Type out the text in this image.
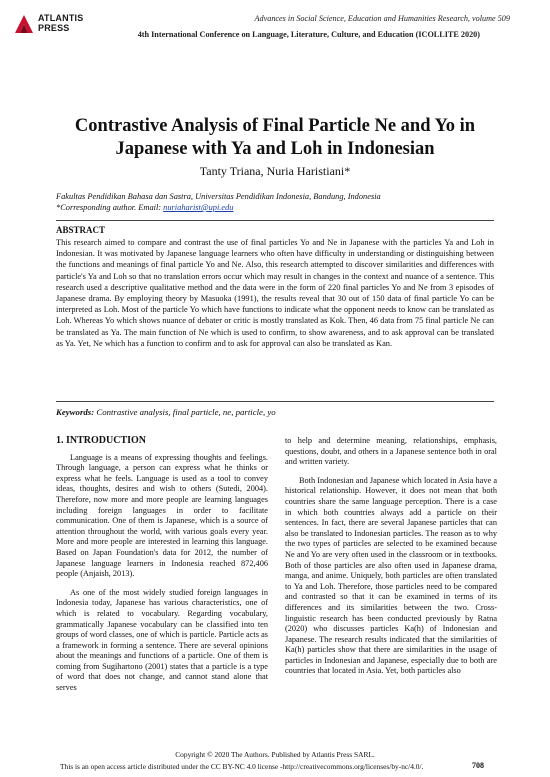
ATLANTIS
PRESS
Advances in Social Science, Education and Humanities Research, volume 509
4th International Conference on Language, Literature, Culture, and Education (ICOLLITE 2020)
Contrastive Analysis of Final Particle Ne and Yo in
Japanese with Ya and Loh in Indonesian
Tanty Triana, Nuria Haristiani*
Fakultas Pendidikan Bahasa dan Sastra, Universitas Pendidikan Indonesia, Bandung, Indonesia
*Corresponding author. Email: nuriaharist@upi.edu
ABSTRACT
This research aimed to compare and contrast the use of final particles Yo and Ne in Japanese with the particles Ya and Loh in Indonesian. It was motivated by Japanese language learners who often have difficulty in understanding or distinguishing between the functions and meanings of final particle Yo and Ne. Also, this research attempted to discover similarities and differences with particle's Ya and Loh so that no translation errors occur which may result in changes in the context and nuance of a sentence. This research used a descriptive qualitative method and the data were in the form of 220 final particles Yo and Ne from 3 episodes of Japanese drama. By employing theory by Masuoka (1991), the results reveal that 30 out of 150 data of final particle Yo can be interpreted as Loh. Most of the particle Yo which have functions to indicate what the opponent needs to know can be translated as Loh. Whereas Yo which shows nuance of debater or critic is mostly translated as Kok. Then, 46 data from 75 final particle Ne can be translated as Ya. The main function of Ne which is used to confirm, to show awareness, and to ask approval can be translated as Ya. Yet, Ne which has a function to confirm and to ask for approval can also be translated as Kan.
Keywords: Contrastive analysis, final particle, ne, particle, yo
1. INTRODUCTION

Language is a means of expressing thoughts and feelings. Through language, a person can express what he thinks or express what he feels. Language is used as a tool to convey ideas, thoughts, desires and wish to others (Sutedi, 2004). Therefore, now more and more people are learning languages including foreign languages in order to facilitate communication. One of them is Japanese, which is a source of attention throughout the world, with various goals every year. More and more people are interested in learning this language. Based on Japan Foundation's data for 2012, the number of Japanese language learners in Indonesia reached 872,406 people (Anjaish, 2013).

As one of the most widely studied foreign languages in Indonesia today, Japanese has various characteristics, one of which is related to vocabulary. Regarding vocabulary, grammatically Japanese vocabulary can be classified into ten groups of word classes, one of which is particle. Particle acts as a framework in forming a sentence. There are several opinions about the meanings and functions of a particle. One of them is coming from Sugihartono (2001) states that a particle is a type of word that does not change, and cannot stand alone that serves

to help and determine meaning, relationships, emphasis, questions, doubt, and others in a Japanese sentence both in oral and written variety.

Both Indonesian and Japanese which located in Asia have a historical relationship. However, it does not mean that both countries share the same language perception. There is a case in which both countries always add a particle on their sentences. In fact, there are several Japanese particles that can also be translated to Indonesian particles. The reason as to why the two types of particles are selected to be examined because Ne and Yo are very often used in the classroom or in textbooks. Both of those particles are also often used in Japanese drama, manga, and anime. Uniquely, both particles are often translated to Ya and Loh. Therefore, those particles need to be compared and contrasted so that it can be examined in terms of its differences and its similarities between the two. Cross-linguistic research has been conducted previously by Ratna (2020) who discusses particles Ka(h) of Indonesian and Japanese. The research results indicated that the similarities of Ka(h) particles show that there are similarities in the usage of particles in Indonesian and Japanese, especially due to both are countries that located in Asia. Yet, both particles also

Copyright © 2020 The Authors. Published by Atlantis Press SARL.
This is an open access article distributed under the CC BY-NC 4.0 license -http://creativecommons.org/licenses/by-nc/4.0/.	708
